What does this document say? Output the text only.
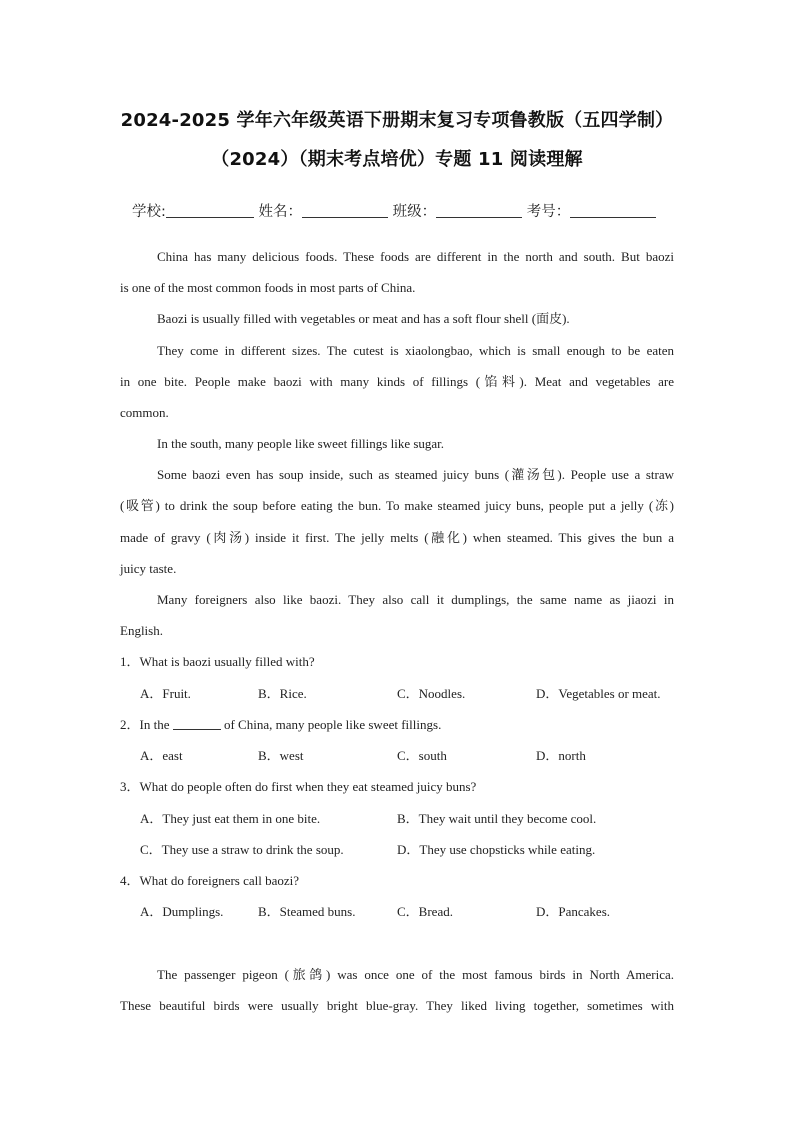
2024-2025 学年六年级英语下册期末复习专项鲁教版（五四学制）
（2024）（期末考点培优）专题 11 阅读理解
学校:	姓名：	班级：	考号：
China has many delicious foods. These foods are different in the north and south. But baozi
is one of the most common foods in most parts of China.
Baozi is usually filled with vegetables or meat and has a soft flour shell (面皮).
They come in different sizes. The cutest is xiaolongbao, which is small enough to be eaten
in one bite. People make baozi with many kinds of fillings (馅料). Meat and vegetables are
common.
In the south, many people like sweet fillings like sugar.
Some baozi even has soup inside, such as steamed juicy buns (灌汤包). People use a straw
(吸管) to drink the soup before eating the bun. To make steamed juicy buns, people put a jelly (冻)
made of gravy (肉汤) inside it first. The jelly melts (融化) when steamed. This gives the bun a
juicy taste.
Many foreigners also like baozi. They also call it dumplings, the same name as jiaozi in
English.
1．What is baozi usually filled with?
A．Fruit.	B．Rice.	C．Noodles.	D．Vegetables or meat.
2．In the	of China, many people like sweet fillings.
A．east	B．west	C．south	D．north
3．What do people often do first when they eat steamed juicy buns?
A．They just eat them in one bite.	B．They wait until they become cool.
C．They use a straw to drink the soup.	D．They use chopsticks while eating.
4．What do foreigners call baozi?
A．Dumplings.	B．Steamed buns.	C．Bread.	D．Pancakes.
The passenger pigeon (旅鸽) was once one of the most famous birds in North America.
These beautiful birds were usually bright blue-gray. They liked living together, sometimes with
